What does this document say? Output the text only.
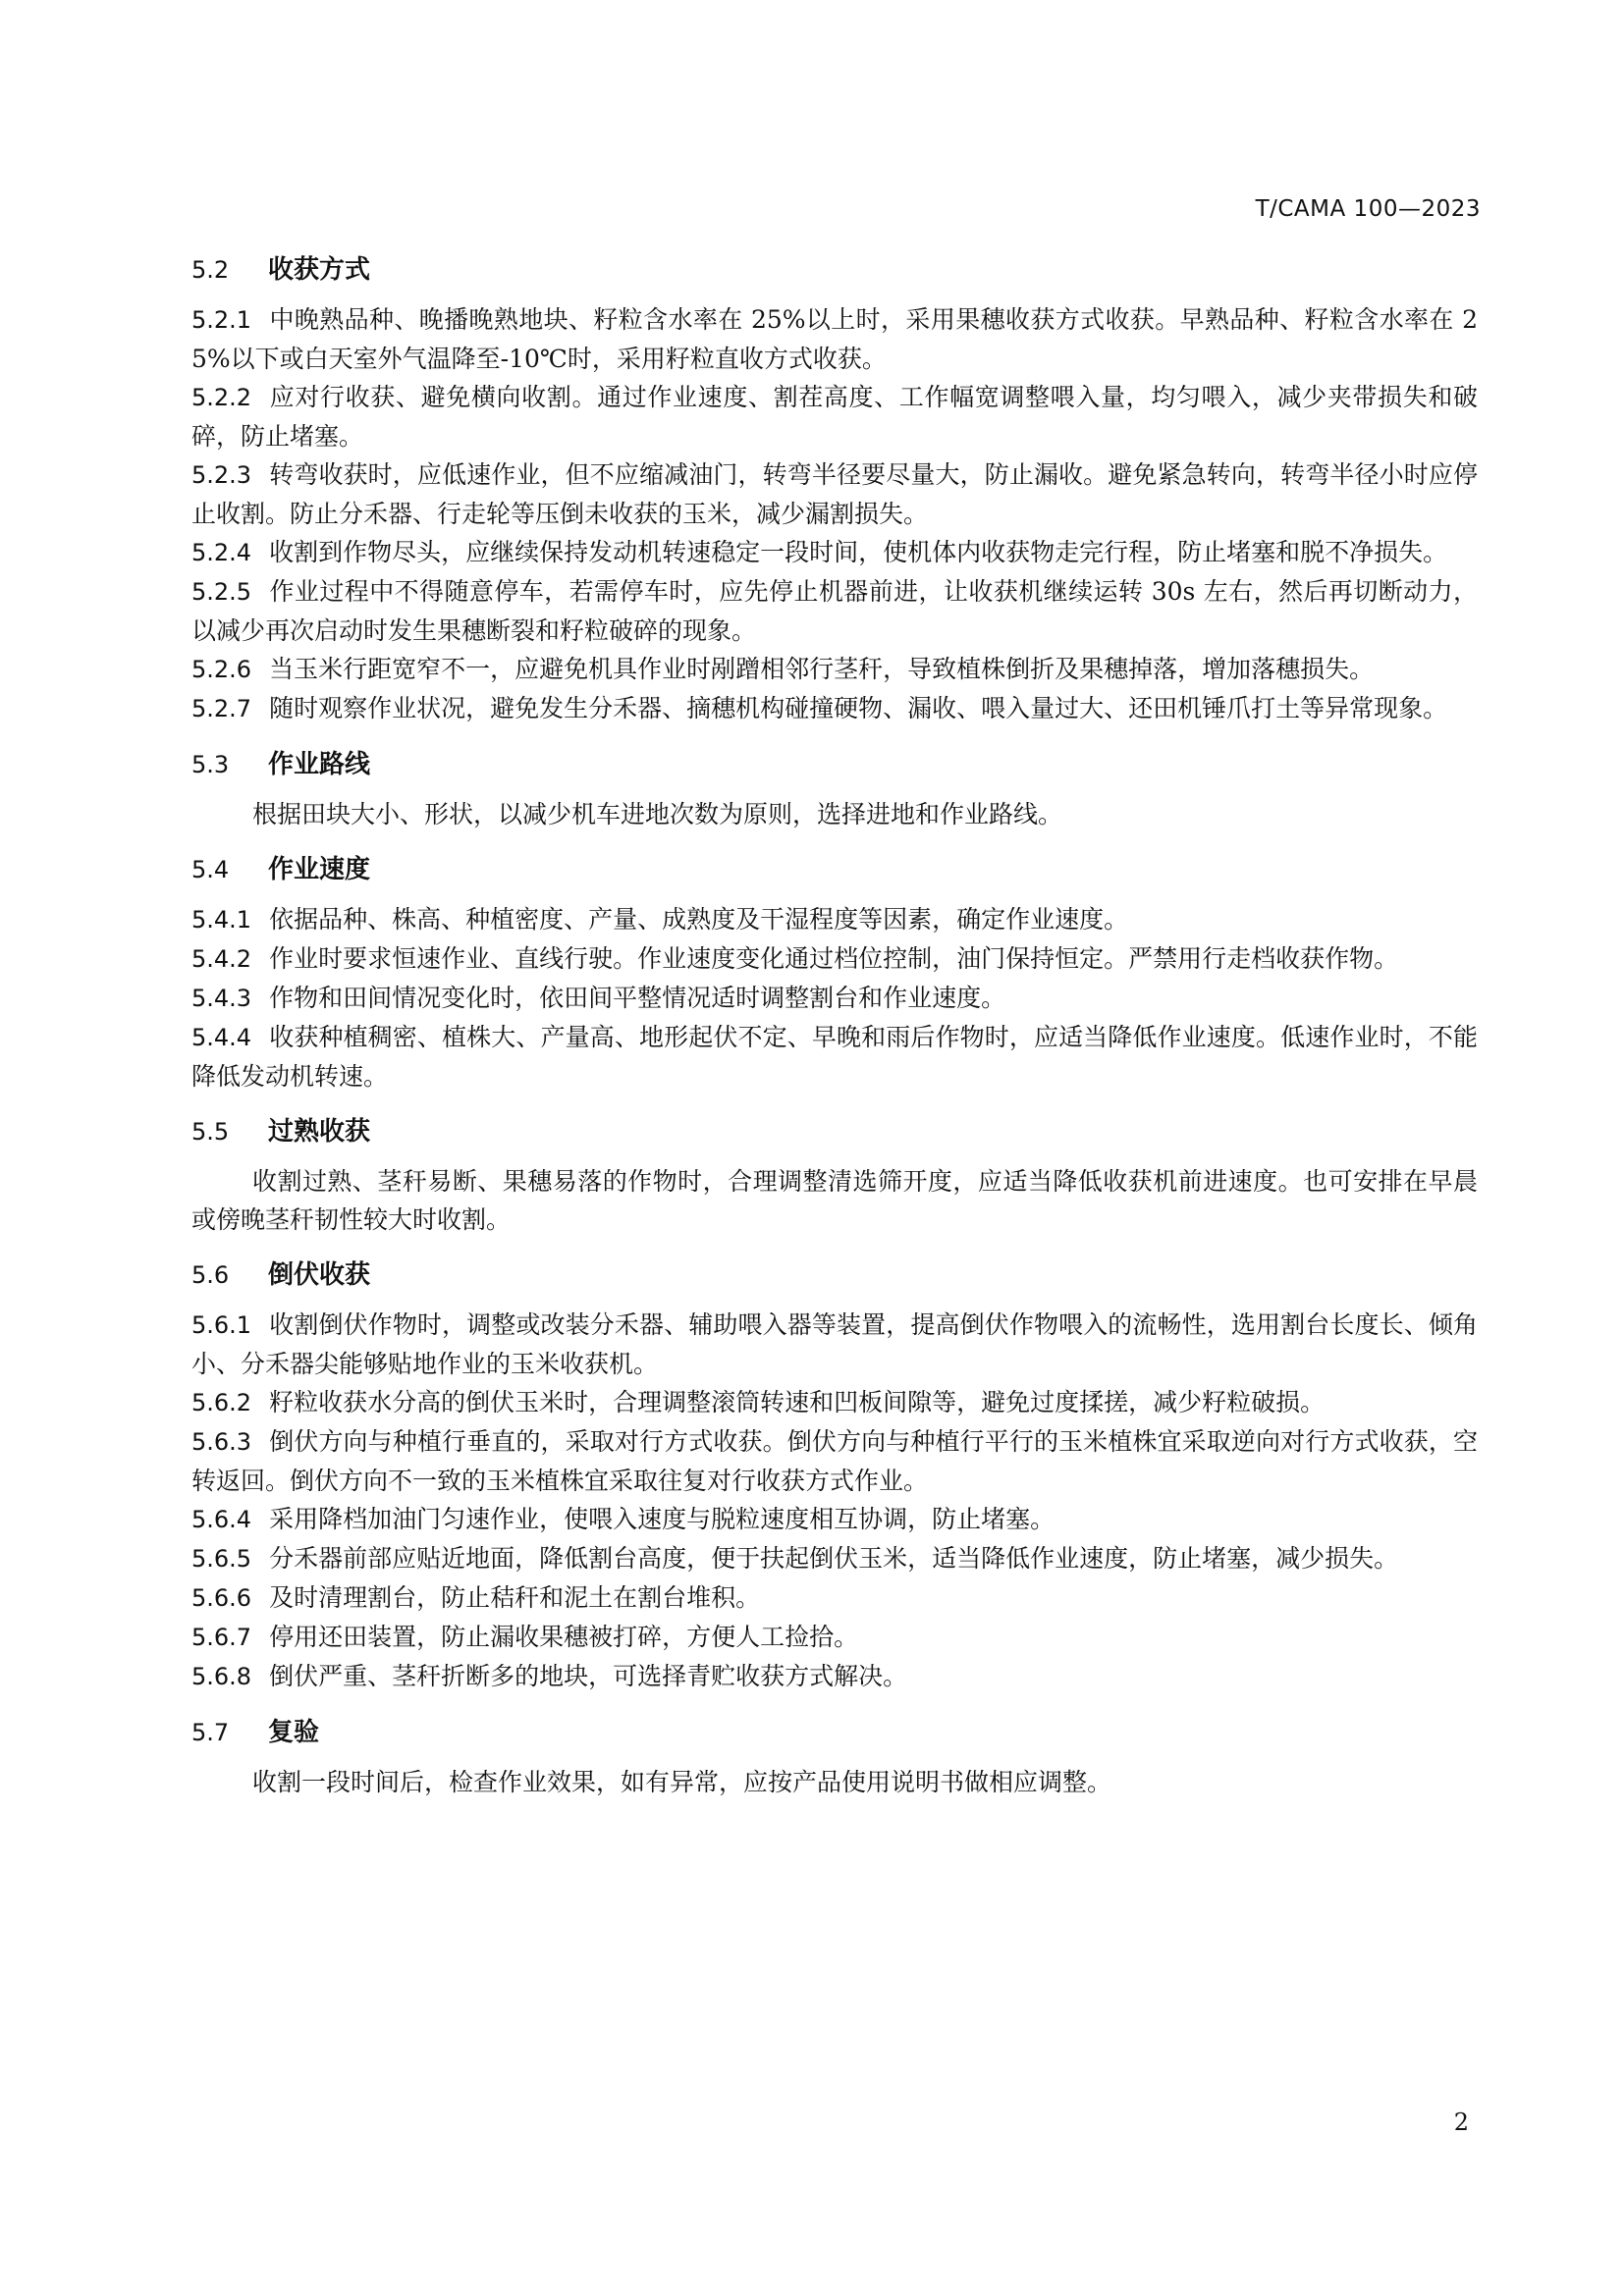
T/CAMA 100—2023
5.2	收获方式

5.2.1 中晚熟品种、晚播晚熟地块、籽粒含水率在 25%以上时，采用果穗收获方式收获。早熟品种、籽粒含水率在 25%以下或白天室外气温降至-10℃时，采用籽粒直收方式收获。

5.2.2 应对行收获、避免横向收割。通过作业速度、割茬高度、工作幅宽调整喂入量，均匀喂入，减少夹带损失和破碎，防止堵塞。

5.2.3 转弯收获时，应低速作业，但不应缩减油门，转弯半径要尽量大，防止漏收。避免紧急转向，转弯半径小时应停止收割。防止分禾器、行走轮等压倒未收获的玉米，减少漏割损失。

5.2.4 收割到作物尽头，应继续保持发动机转速稳定一段时间，使机体内收获物走完行程，防止堵塞和脱不净损失。

5.2.5 作业过程中不得随意停车，若需停车时，应先停止机器前进，让收获机继续运转 30s 左右，然后再切断动力，以减少再次启动时发生果穗断裂和籽粒破碎的现象。

5.2.6 当玉米行距宽窄不一，应避免机具作业时剐蹭相邻行茎秆，导致植株倒折及果穗掉落，增加落穗损失。

5.2.7 随时观察作业状况，避免发生分禾器、摘穗机构碰撞硬物、漏收、喂入量过大、还田机锤爪打土等异常现象。

5.3	作业路线

根据田块大小、形状，以减少机车进地次数为原则，选择进地和作业路线。

5.4	作业速度

5.4.1 依据品种、株高、种植密度、产量、成熟度及干湿程度等因素，确定作业速度。

5.4.2 作业时要求恒速作业、直线行驶。作业速度变化通过档位控制，油门保持恒定。严禁用行走档收获作物。

5.4.3 作物和田间情况变化时，依田间平整情况适时调整割台和作业速度。

5.4.4 收获种植稠密、植株大、产量高、地形起伏不定、早晚和雨后作物时，应适当降低作业速度。低速作业时，不能降低发动机转速。

5.5	过熟收获

收割过熟、茎秆易断、果穗易落的作物时，合理调整清选筛开度，应适当降低收获机前进速度。也可安排在早晨或傍晚茎秆韧性较大时收割。

5.6	倒伏收获

5.6.1 收割倒伏作物时，调整或改装分禾器、辅助喂入器等装置，提高倒伏作物喂入的流畅性，选用割台长度长、倾角小、分禾器尖能够贴地作业的玉米收获机。

5.6.2 籽粒收获水分高的倒伏玉米时，合理调整滚筒转速和凹板间隙等，避免过度揉搓，减少籽粒破损。

5.6.3 倒伏方向与种植行垂直的，采取对行方式收获。倒伏方向与种植行平行的玉米植株宜采取逆向对行方式收获，空转返回。倒伏方向不一致的玉米植株宜采取往复对行收获方式作业。

5.6.4 采用降档加油门匀速作业，使喂入速度与脱粒速度相互协调，防止堵塞。

5.6.5 分禾器前部应贴近地面，降低割台高度，便于扶起倒伏玉米，适当降低作业速度，防止堵塞，减少损失。

5.6.6 及时清理割台，防止秸秆和泥土在割台堆积。

5.6.7 停用还田装置，防止漏收果穗被打碎，方便人工捡拾。

5.6.8 倒伏严重、茎秆折断多的地块，可选择青贮收获方式解决。

5.7	复验

收割一段时间后，检查作业效果，如有异常，应按产品使用说明书做相应调整。

2
